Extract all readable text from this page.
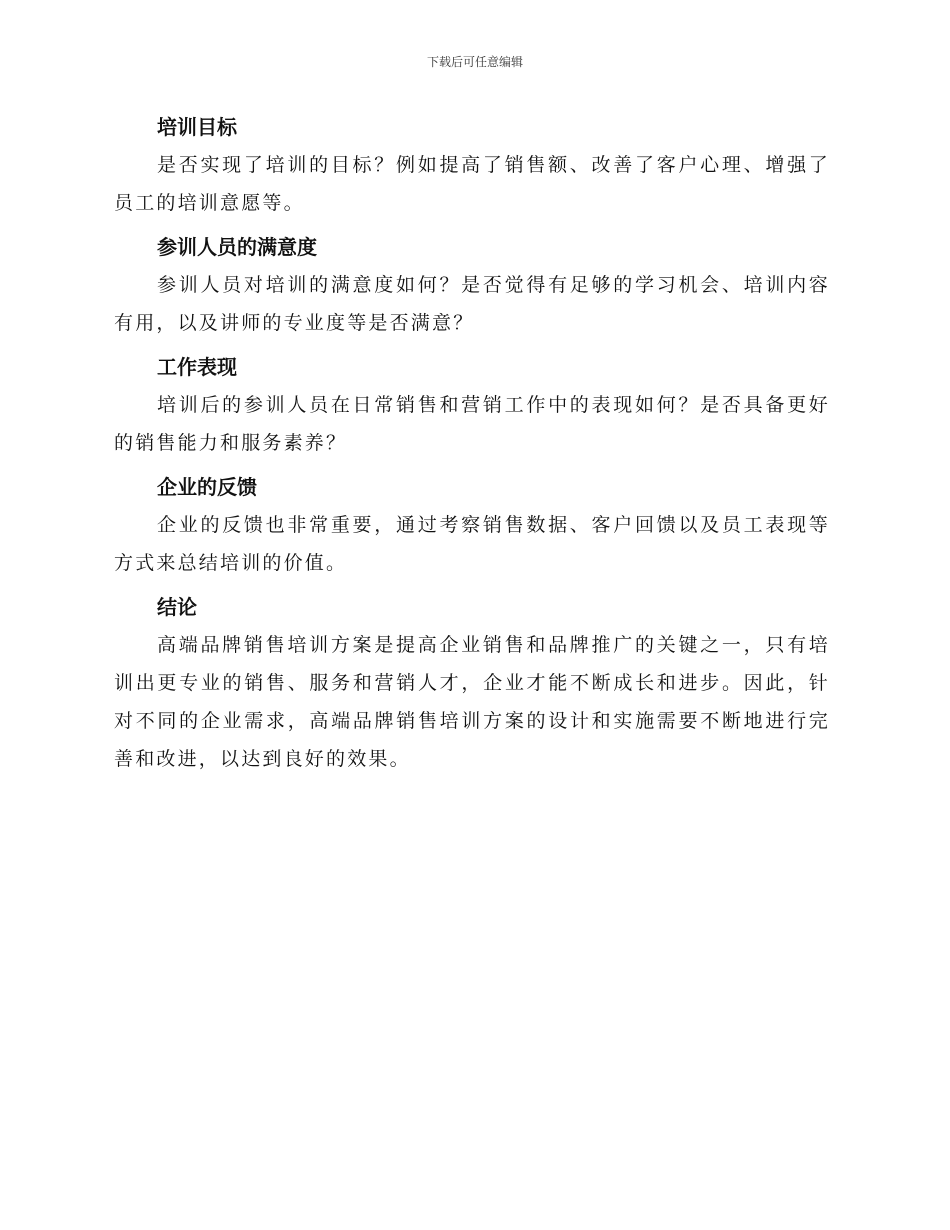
下载后可任意编辑
培训目标

是否实现了培训的目标？例如提高了销售额、改善了客户心理、增强了员工的培训意愿等。

参训人员的满意度

参训人员对培训的满意度如何？是否觉得有足够的学习机会、培训内容有用，以及讲师的专业度等是否满意？

工作表现

培训后的参训人员在日常销售和营销工作中的表现如何？是否具备更好的销售能力和服务素养？

企业的反馈

企业的反馈也非常重要，通过考察销售数据、客户回馈以及员工表现等方式来总结培训的价值。

结论

高端品牌销售培训方案是提高企业销售和品牌推广的关键之一，只有培训出更专业的销售、服务和营销人才，企业才能不断成长和进步。因此，针对不同的企业需求，高端品牌销售培训方案的设计和实施需要不断地进行完善和改进，以达到良好的效果。
